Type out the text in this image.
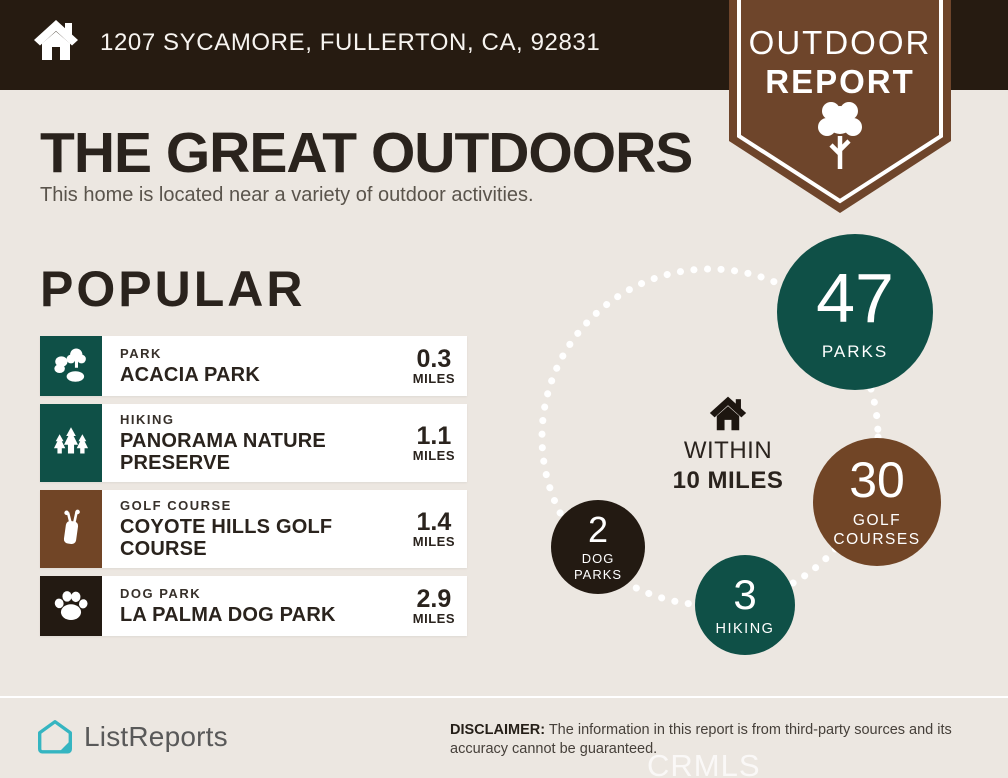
1207 SYCAMORE, FULLERTON, CA, 92831	OUTDOOR
REPORT
THE GREAT OUTDOORS
This home is located near a variety of outdoor activities.
POPULAR
PARK
ACACIA PARK
0.3
MILES
HIKING
PANORAMA NATURE PRESERVE
1.1
MILES
GOLF COURSE
COYOTE HILLS GOLF COURSE
1.4
MILES
DOG PARK
LA PALMA DOG PARK
2.9
MILES
WITHIN
10 MILES
47
PARKS
30
GOLF COURSES
2
DOG PARKS	3
HIKING
ListReports	DISCLAIMER: The information in this report is from third-party sources and its accuracy cannot be guaranteed.
CRMLS
